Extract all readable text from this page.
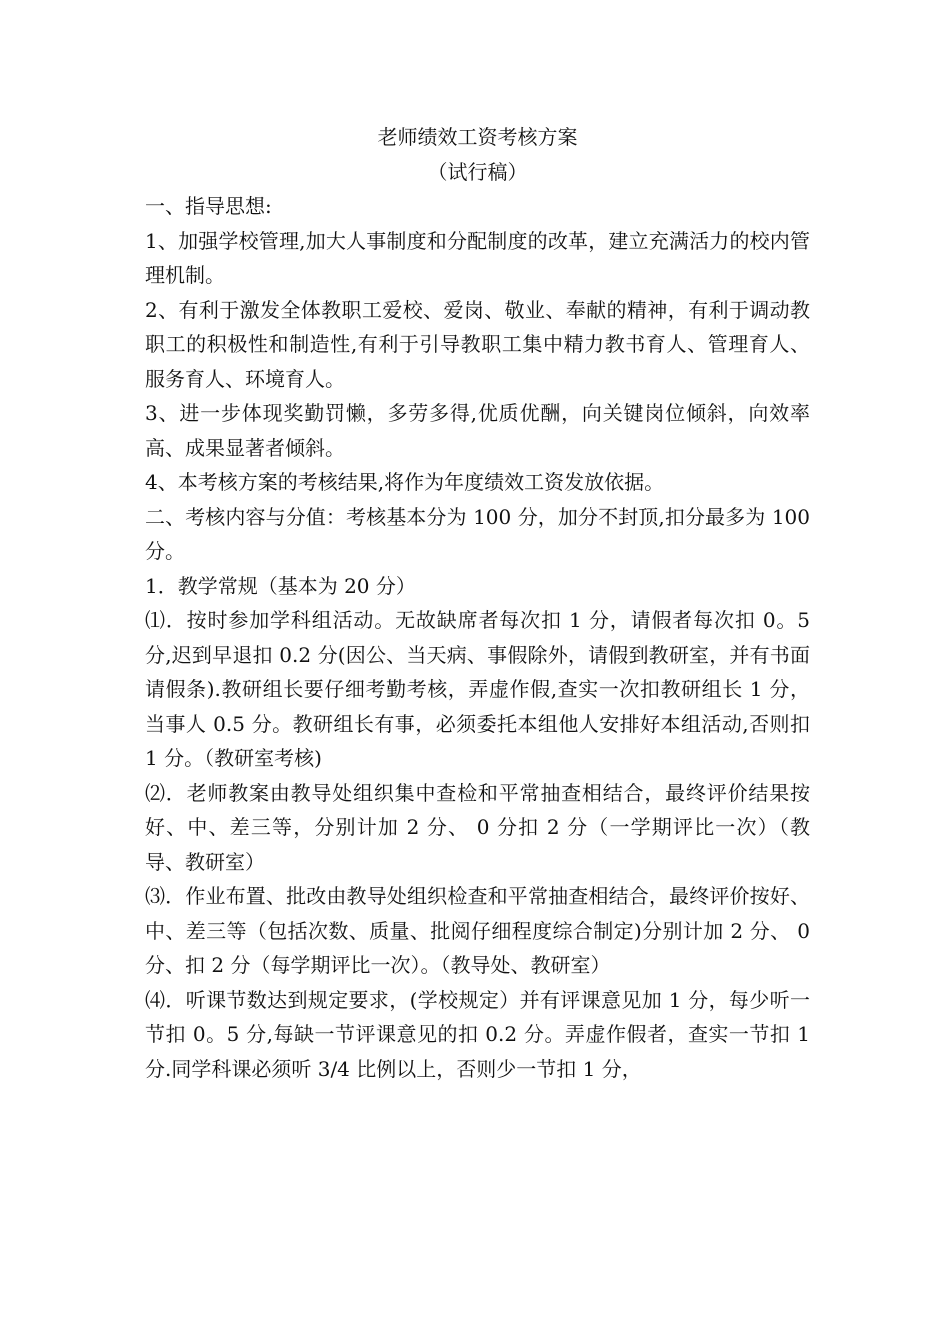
老师绩效工资考核方案

（试行稿）

一、指导思想:

1、加强学校管理,加大人事制度和分配制度的改革，建立充满活力的校内管理机制。

2、有利于激发全体教职工爱校、爱岗、敬业、奉献的精神，有利于调动教职工的积极性和制造性,有利于引导教职工集中精力教书育人、管理育人、服务育人、环境育人。

3、进一步体现奖勤罚懒，多劳多得,优质优酬，向关键岗位倾斜，向效率高、成果显著者倾斜。

4、本考核方案的考核结果,将作为年度绩效工资发放依据。

二、考核内容与分值：考核基本分为 100 分，加分不封顶,扣分最多为 100 分。

1．教学常规（基本为 20 分）

⑴．按时参加学科组活动。无故缺席者每次扣 1 分，请假者每次扣 0。5 分,迟到早退扣 0.2 分(因公、当天病、事假除外，请假到教研室，并有书面请假条).教研组长要仔细考勤考核，弄虚作假,查实一次扣教研组长 1 分，当事人 0.5 分。教研组长有事，必须委托本组他人安排好本组活动,否则扣 1 分。（教研室考核)

⑵．老师教案由教导处组织集中查检和平常抽查相结合，最终评价结果按好、中、差三等，分别计加 2 分、 0 分扣 2 分（一学期评比一次）（教导、教研室）

⑶．作业布置、批改由教导处组织检查和平常抽查相结合，最终评价按好、中、差三等（包括次数、质量、批阅仔细程度综合制定)分别计加 2 分、 0 分、扣 2 分（每学期评比一次）。（教导处、教研室）

⑷．听课节数达到规定要求，(学校规定）并有评课意见加 1 分，每少听一节扣 0。5 分,每缺一节评课意见的扣 0.2 分。弄虚作假者，查实一节扣 1 分.同学科课必须听 3/4 比例以上，否则少一节扣 1 分，
